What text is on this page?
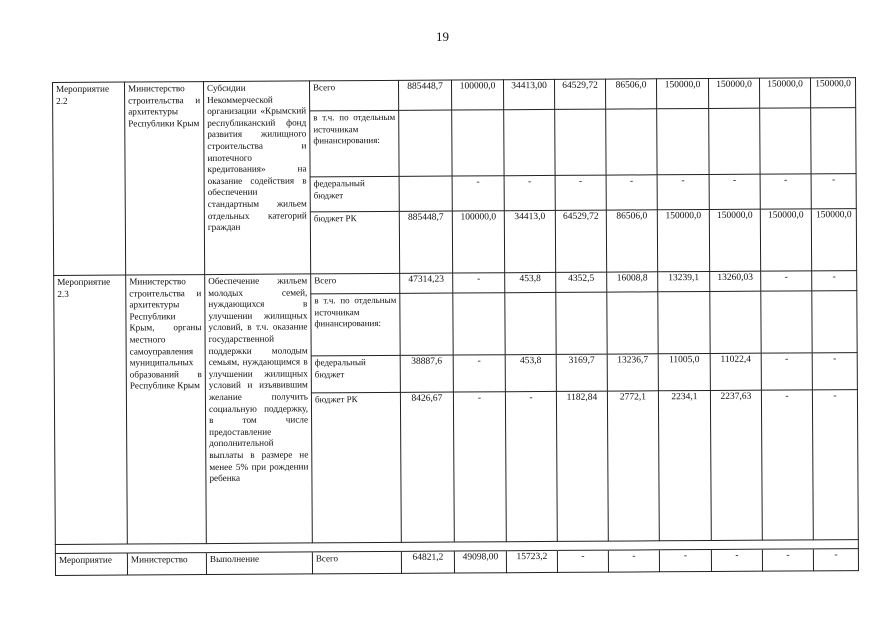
19
Мероприятие 2.2	Министерство строительства и архитектуры Республики Крым	Субсидии Некоммерческой организации «Крымский республиканский фонд развития жилищного строительства и ипотечного кредитования» на оказание содействия в обеспечении стандартным жильем отдельных категорий граждан	Всего	885448,7	100000,0	34413,00	64529,72	86506,0	150000,0	150000,0	150000,0	150000,0
			в т.ч. по отдельным источникам финансирования:									
			федеральный бюджет		-	-	-	-	-	-	-	-
			бюджет РК	885448,7	100000,0	34413,0	64529,72	86506,0	150000,0	150000,0	150000,0	150000,0
Мероприятие 2.3	Министерство строительства и архитектуры Республики Крым, органы местного самоуправления муниципальных образований в Республике Крым	Обеспечение жильем молодых семей, нуждающихся в улучшении жилищных условий, в т.ч. оказание государственной поддержки молодым семьям, нуждающимся в улучшении жилищных условий и изъявившим желание получить социальную поддержку, в том числе предоставление дополнительной выплаты в размере не менее 5% при рождении ребенка	Всего	47314,23	-	453,8	4352,5	16008,8	13239,1	13260,03	-	-
			в т.ч. по отдельным источникам финансирования:									
			федеральный бюджет	38887,6	-	453,8	3169,7	13236,7	11005,0	11022,4	-	-
			бюджет РК	8426,67	-	-	1182,84	2772,1	2234,1	2237,63	-	-

Мероприятие	Министерство	Выполнение	Всего	64821,2	49098,00	15723,2	-	-	-	-	-	-
